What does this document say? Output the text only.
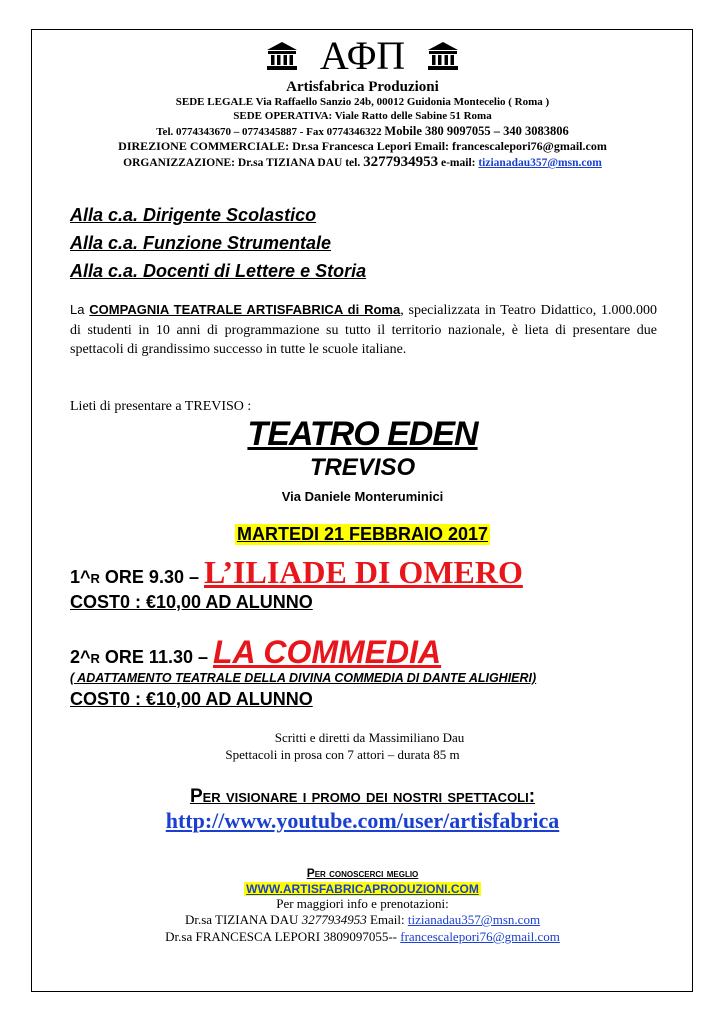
ΑΦΠ
Artisfabrica Produzioni
SEDE LEGALE Via Raffaello Sanzio 24b, 00012 Guidonia Montecelio ( Roma )
SEDE OPERATIVA: Viale Ratto delle Sabine 51 Roma
Tel. 0774343670 – 0774345887 - Fax 0774346322 Mobile 380 9097055 – 340 3083806
DIREZIONE COMMERCIALE: Dr.sa Francesca Lepori Email: francescalepori76@gmail.com
ORGANIZZAZIONE: Dr.sa TIZIANA DAU tel. 3277934953 e-mail: tizianadau357@msn.com
Alla c.a. Dirigente Scolastico
Alla c.a. Funzione Strumentale
Alla c.a. Docenti di Lettere e Storia
La COMPAGNIA TEATRALE ARTISFABRICA di Roma, specializzata in Teatro Didattico, 1.000.000 di studenti in 10 anni di programmazione su tutto il territorio nazionale, è lieta di presentare due spettacoli di grandissimo successo in tutte le scuole italiane.
Lieti di presentare a TREVISO :
TEATRO EDEN
TREVISO
Via Daniele Monteruminici
MARTEDI 21 FEBBRAIO 2017
1^R ORE 9.30 – L’ILIADE DI OMERO
COST0 : €10,00 AD ALUNNO
2^R ORE 11.30 – LA COMMEDIA
( ADATTAMENTO TEATRALE DELLA DIVINA COMMEDIA DI DANTE ALIGHIERI)
COST0 : €10,00 AD ALUNNO
Scritti e diretti da Massimiliano Dau
Spettacoli in prosa con 7 attori – durata 85 m
Per visionare i promo dei nostri spettacoli:
http://www.youtube.com/user/artisfabrica
Per conoscerci meglio
WWW.ARTISFABRICAPRODUZIONI.COM
Per maggiori info e prenotazioni:
Dr.sa TIZIANA DAU 3277934953 Email: tizianadau357@msn.com
Dr.sa FRANCESCA LEPORI 3809097055-- francescalepori76@gmail.com
